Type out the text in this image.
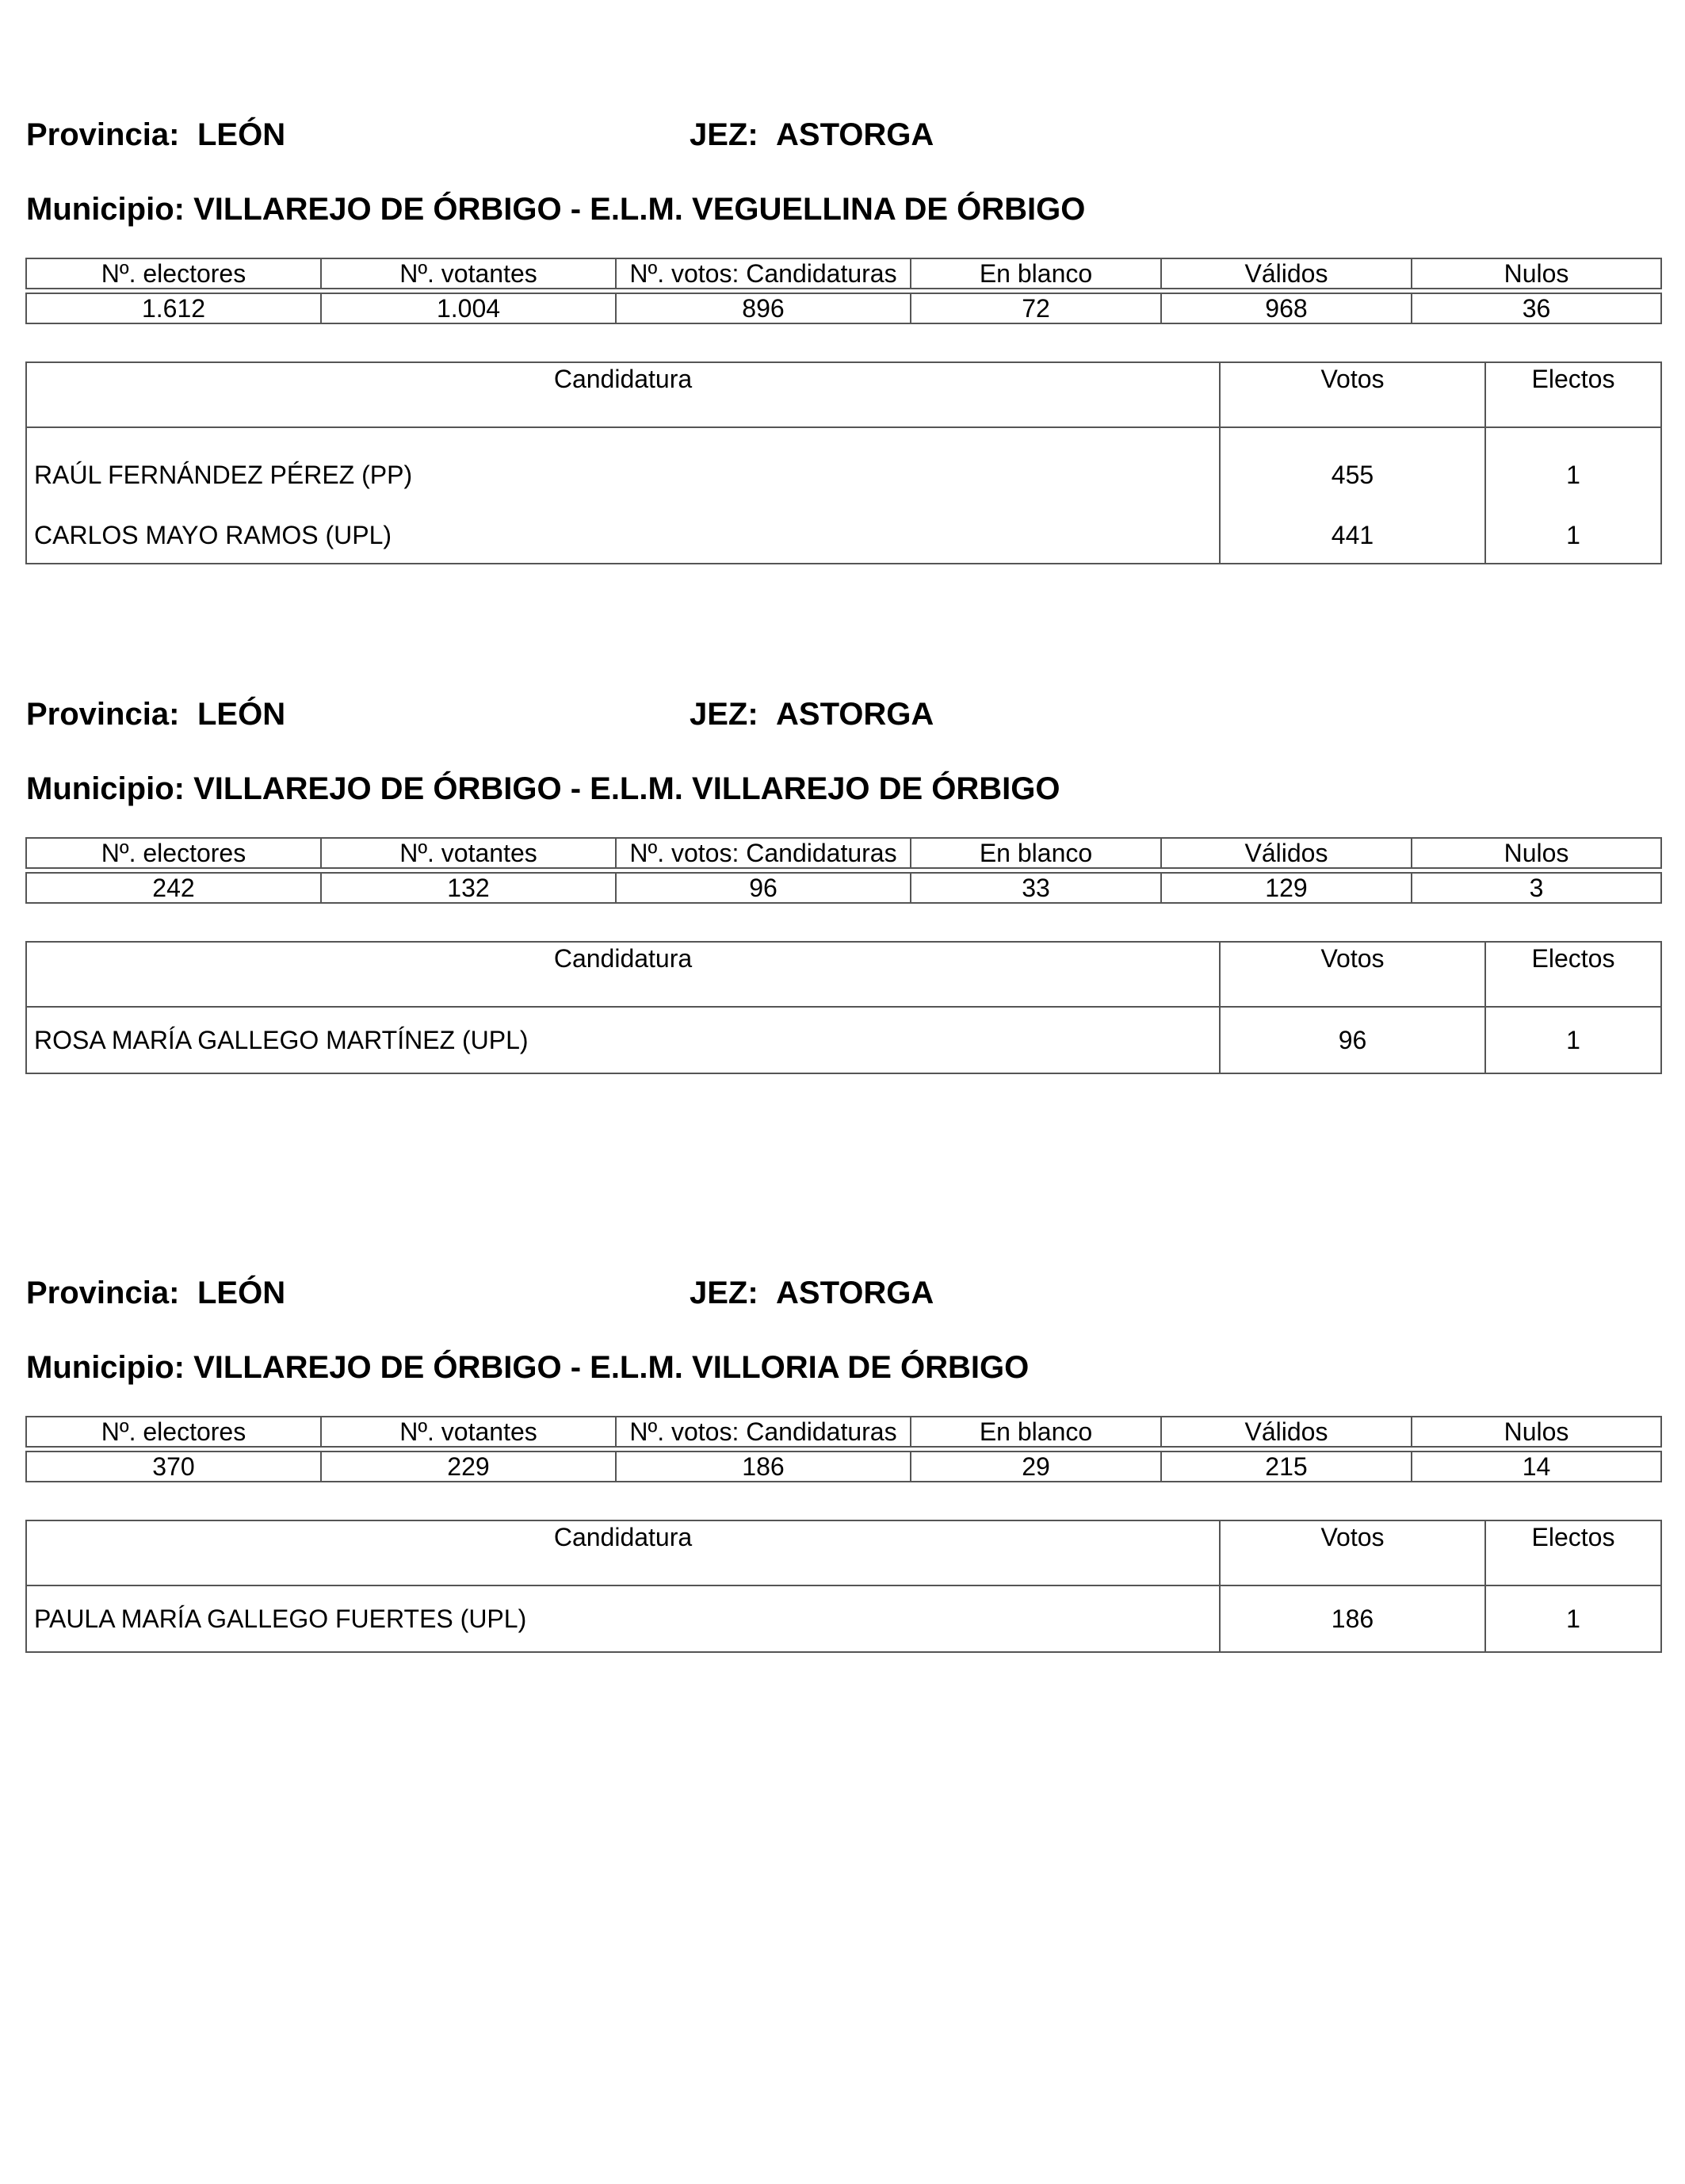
Provincia: LEÓN	JEZ: ASTORGA
Municipio: VILLAREJO DE ÓRBIGO - E.L.M. VEGUELLINA DE ÓRBIGO
Nº. electores	Nº. votantes	Nº. votos: Candidaturas	En blanco	Válidos	Nulos

1.612	1.004	896	72	968	36
Candidatura	Votos	Electos
RAÚL FERNÁNDEZ PÉREZ (PP)	455	1
CARLOS MAYO RAMOS (UPL)	441	1
Provincia: LEÓN	JEZ: ASTORGA
Municipio: VILLAREJO DE ÓRBIGO - E.L.M. VILLAREJO DE ÓRBIGO
Nº. electores	Nº. votantes	Nº. votos: Candidaturas	En blanco	Válidos	Nulos

242	132	96	33	129	3
Candidatura	Votos	Electos
ROSA MARÍA GALLEGO MARTÍNEZ (UPL)	96	1
Provincia: LEÓN	JEZ: ASTORGA
Municipio: VILLAREJO DE ÓRBIGO - E.L.M. VILLORIA DE ÓRBIGO
Nº. electores	Nº. votantes	Nº. votos: Candidaturas	En blanco	Válidos	Nulos

370	229	186	29	215	14
Candidatura	Votos	Electos
PAULA MARÍA GALLEGO FUERTES (UPL)	186	1
